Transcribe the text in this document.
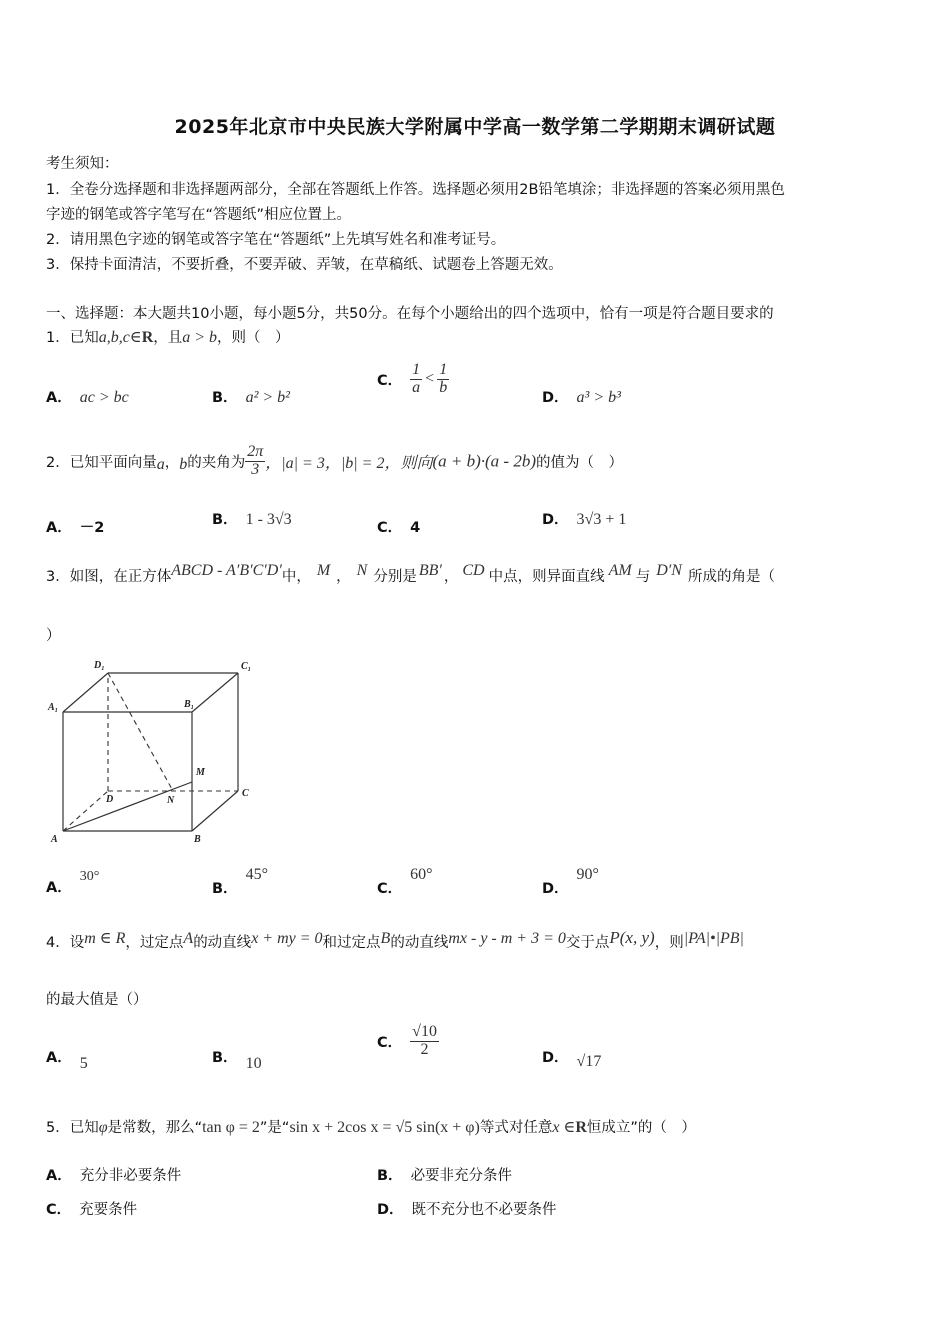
2025年北京市中央民族大学附属中学高一数学第二学期期末调研试题
考生须知：
1．全卷分选择题和非选择题两部分，全部在答题纸上作答。选择题必须用2B铅笔填涂；非选择题的答案必须用黑色
字迹的钢笔或答字笔写在“答题纸”相应位置上。
2．请用黑色字迹的钢笔或答字笔在“答题纸”上先填写姓名和准考证号。
3．保持卡面清洁，不要折叠，不要弄破、弄皱，在草稿纸、试题卷上答题无效。
一、选择题：本大题共10小题，每小题5分，共50分。在每个小题给出的四个选项中，恰有一项是符合题目要求的
1．已知a,b,c∈R，且a > b，则（　）
A． ac > bc	B． a² > b²
C． $\frac{1}{a} < \frac{1}{b}$
D． a³ > b³
2．已知平面向量a，b的夹角为 $\frac{2\pi}{3}$ ，|a| = 3，|b| = 2，则向(a + b)·(a - 2b)的值为（　）
A． －2	B． 1 - 3√3	C． 4	D． 3√3 + 1
3．如图，在正方体ABCD - A′B′C′D′中， M ， N 分别是 BB′ ， CD 中点，则异面直线 AM 与 D′N 所成的角是（
）
D₁	C₁
A₁	B₁
M
D	N
C
A	B
A．30°
B．45°
C．60°
D．90°
4．设m ∈ R，过定点A的动直线x + my = 0和过定点B的动直线mx - y - m + 3 = 0交于点P(x, y)，则|PA|•|PB|
的最大值是（）
A． 5	B． 10
C． $\frac{√10}{2}$	D． √17
5．已知φ是常数，那么“tan φ = 2”是“sin x + 2cos x = √5 sin(x + φ)等式对任意x ∈R恒成立”的（　）
A． 充分非必要条件	B． 必要非充分条件
C． 充要条件	D． 既不充分也不必要条件
